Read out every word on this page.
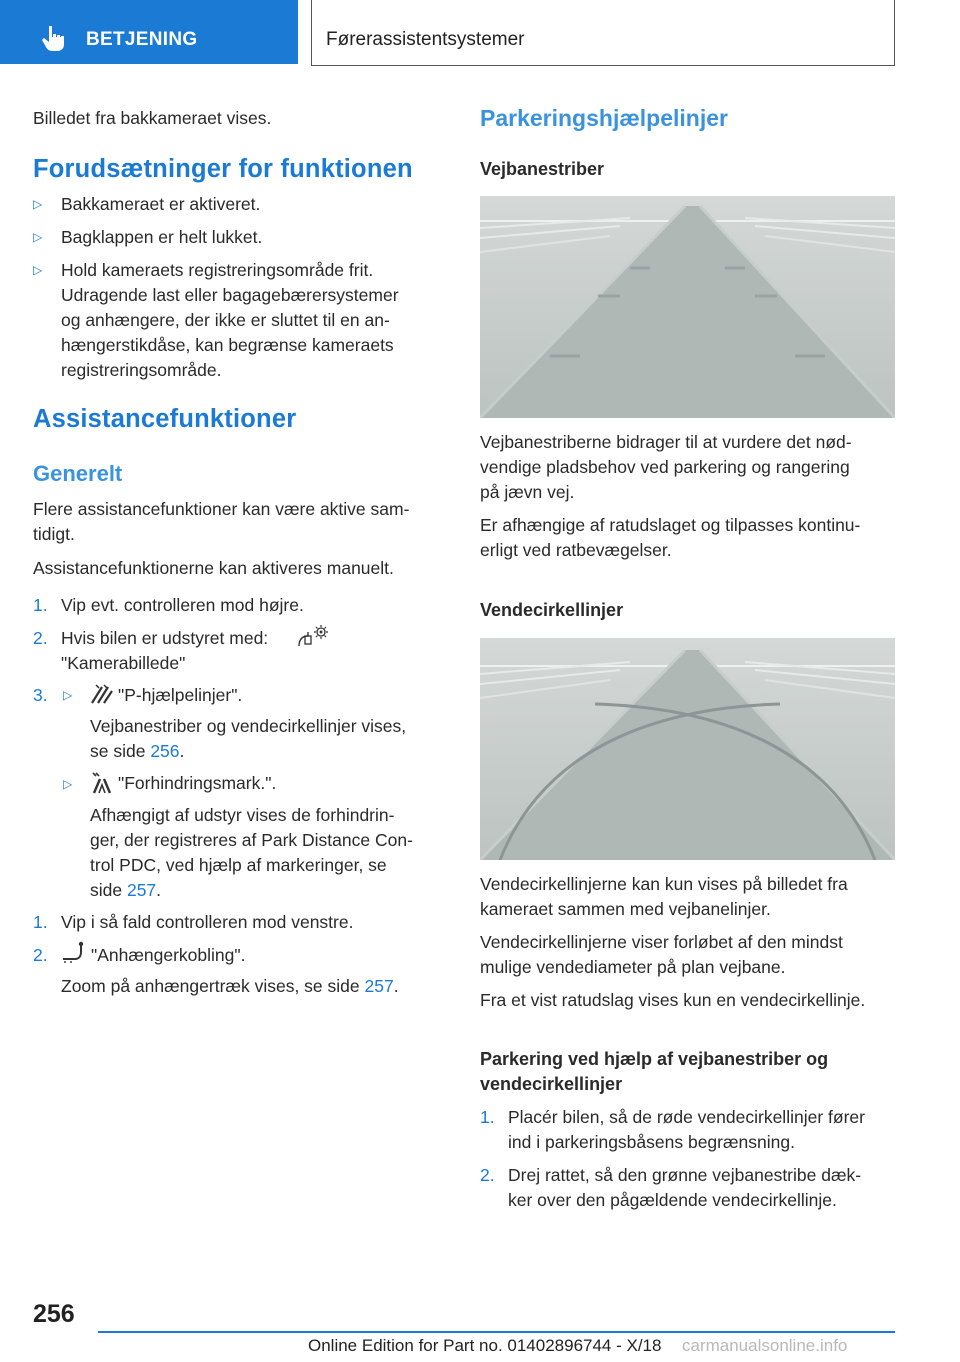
BETJENING	Førerassistentsystemer
Billedet fra bakkameraet vises.
Forudsætninger for funktionen
▷ Bakkameraet er aktiveret.
▷ Bagklappen er helt lukket.
▷ Hold kameraets registreringsområde frit.
Udragende last eller bagagebærersystemer
og anhængere, der ikke er sluttet til en an-
hængerstikdåse, kan begrænse kameraets
registreringsområde.
Assistancefunktioner
Generelt
Flere assistancefunktioner kan være aktive sam-
tidigt.
Assistancefunktionerne kan aktiveres manuelt.
1. Vip evt. controlleren mod højre.
2. Hvis bilen er udstyret med:
"Kamerabillede"
3. ▷	"P-hjælpelinjer".
Vejbanestriber og vendecirkellinjer vises,
se side 256.
▷	"Forhindringsmark.".
Afhængigt af udstyr vises de forhindrin-
ger, der registreres af Park Distance Con-
trol PDC, ved hjælp af markeringer, se
side 257.
1. Vip i så fald controlleren mod venstre.
2. "Anhængerkobling".
Zoom på anhængertræk vises, se side 257.
Parkeringshjælpelinjer
Vejbanestriber
Vejbanestriberne bidrager til at vurdere det nød-
vendige pladsbehov ved parkering og rangering
på jævn vej.
Er afhængige af ratudslaget og tilpasses kontinu-
erligt ved ratbevægelser.
Vendecirkellinjer
Vendecirkellinjerne kan kun vises på billedet fra
kameraet sammen med vejbanelinjer.
Vendecirkellinjerne viser forløbet af den mindst
mulige vendediameter på plan vejbane.
Fra et vist ratudslag vises kun en vendecirkellinje.
Parkering ved hjælp af vejbanestriber og
vendecirkellinjer
1. Placér bilen, så de røde vendecirkellinjer fører
ind i parkeringsbåsens begrænsning.
2. Drej rattet, så den grønne vejbanestribe dæk-
ker over den pågældende vendecirkellinje.
256
Online Edition for Part no. 01402896744 - X/18 carmanualsonline.info
